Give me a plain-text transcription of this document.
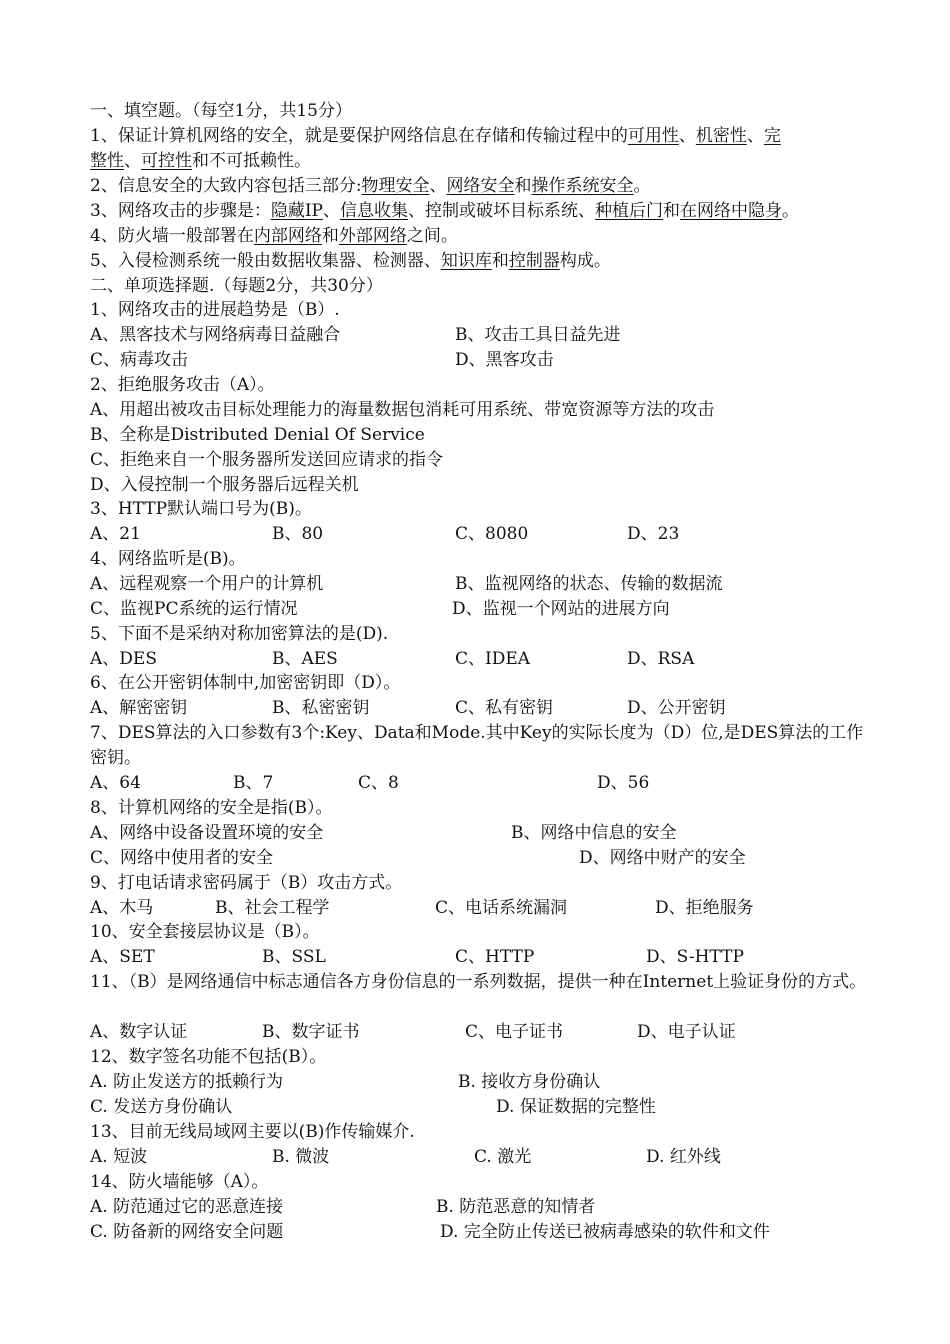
一、填空题。（每空1分，共15分）
1、保证计算机网络的安全，就是要保护网络信息在存储和传输过程中的可用性、机密性、完
整性、可控性和不可抵赖性。
2、信息安全的大致内容包括三部分:物理安全、网络安全和操作系统安全。
3、网络攻击的步骤是：隐藏IP、信息收集、控制或破坏目标系统、种植后门和在网络中隐身。
4、防火墙一般部署在内部网络和外部网络之间。
5、入侵检测系统一般由数据收集器、检测器、知识库和控制器构成。
二、单项选择题.（每题2分，共30分）
1、网络攻击的进展趋势是（B）.
A、黑客技术与网络病毒日益融合	B、攻击工具日益先进
C、病毒攻击	D、黑客攻击
2、拒绝服务攻击（A）。
A、用超出被攻击目标处理能力的海量数据包消耗可用系统、带宽资源等方法的攻击
B、全称是Distributed Denial Of Service
C、拒绝来自一个服务器所发送回应请求的指令
D、入侵控制一个服务器后远程关机
3、HTTP默认端口号为(B)。
A、21	B、80	C、8080	D、23
4、网络监听是(B)。
A、远程观察一个用户的计算机	B、监视网络的状态、传输的数据流
C、监视PC系统的运行情况	D、监视一个网站的进展方向
5、下面不是采纳对称加密算法的是(D).
A、DES	B、AES	C、IDEA	D、RSA
6、在公开密钥体制中,加密密钥即（D）。
A、解密密钥	B、私密密钥	C、私有密钥	D、公开密钥
7、DES算法的入口参数有3个:Key、Data和Mode.其中Key的实际长度为（D）位,是DES算法的工作密钥。
A、64	B、7	C、8	D、56
8、计算机网络的安全是指(B）。
A、网络中设备设置环境的安全	B、网络中信息的安全
C、网络中使用者的安全	D、网络中财产的安全
9、打电话请求密码属于（B）攻击方式。
A、木马	B、社会工程学	C、电话系统漏洞	D、拒绝服务
10、安全套接层协议是（B）。
A、SET	B、SSL	C、HTTP	D、S-HTTP
11、（B）是网络通信中标志通信各方身份信息的一系列数据，提供一种在Internet上验证身份的方式。
A、数字认证	B、数字证书	C、电子证书	D、电子认证
12、数字签名功能不包括(B）。
A. 防止发送方的抵赖行为	B. 接收方身份确认
C. 发送方身份确认	D. 保证数据的完整性
13、目前无线局域网主要以(B)作传输媒介.
A. 短波	B. 微波	C. 激光	D. 红外线
14、防火墙能够（A）。
A. 防范通过它的恶意连接	B. 防范恶意的知情者
C. 防备新的网络安全问题	D. 完全防止传送已被病毒感染的软件和文件
